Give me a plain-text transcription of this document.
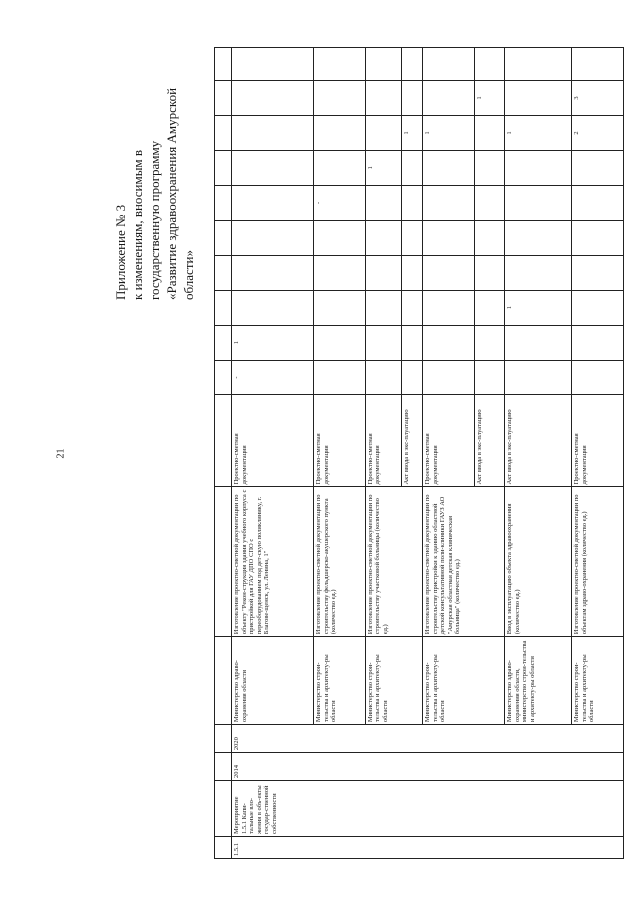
21
Приложение № 3 к изменениям, вносимым в государственную программу «Развитие здравоохранения Амурской области»

1.5.1	Мероприятие 1.5.1 Капи-тальные вло-жения в объ-екты государ-ственной собственности	2014	2020	Министерство здраво-охранения области	Изготовление проектно-сметной документации по объекту "Рекон-струкция здания учебного корпуса с пристройкой для ГАУ ДПО СПО с переоборудованием под дет-скую поликлинику, г. Благове-щенск, ул. Ленина, 1"	Проектно-сметная документация	-	1								
				Министерство строи-тельства и архитекту-ры области	Изготовление проектно-сметной документации по строительству фельдшерско-акушерского пункта (количество ед.)	Проектно-сметная документация						-				
				Министерство строи-тельства и архитекту-ры области	Изготовление проектно-сметной документации по строительству участковой больницы (количество ед.)	Проектно-сметная документация							1			
						Акт ввода в экс-плуатацию								1		
				Министерство строи-тельства и архитекту-ры области	Изготовление проектно-сметной документации по строительству пристройки к зданию областной детской консультативной поли-клиники ГАУЗ АО "Амурская областная детская клиническая больница" (количество ед.)	Проектно-сметная документация								1		
						Акт ввода в экс-плуатацию									1	
				Министерство здраво-охранения области, министерство строи-тельства и архитекту-ры области	Ввод в эксплуатацию объекта здравоохранения (количество ед.)	Акт ввода в экс-плуатацию			1					1		
				Министерство строи-тельства и архитекту-ры области	Изготовление проектно-сметной документации по объектам здраво-охранения (количество ед.)	Проектно-сметная документация								2	3	
